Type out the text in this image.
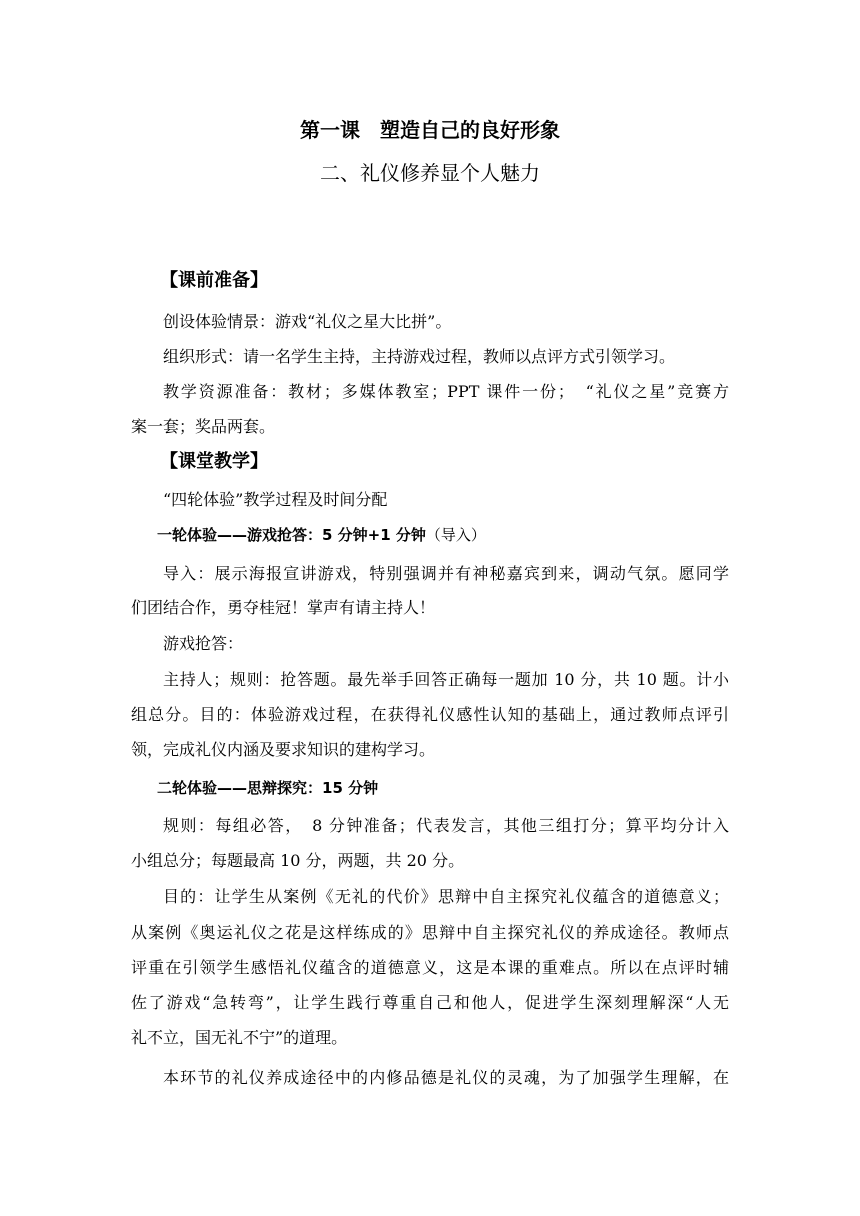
第一课　塑造自己的良好形象
二、礼仪修养显个人魅力
【课前准备】
创设体验情景：游戏“礼仪之星大比拼”。
组织形式：请一名学生主持，主持游戏过程，教师以点评方式引领学习。
教学资源准备：教材；多媒体教室；PPT 课件一份；　“礼仪之星”竞赛方
案一套；奖品两套。
【课堂教学】
“四轮体验”教学过程及时间分配
一轮体验——游戏抢答：5 分钟+1 分钟（导入）
导入：展示海报宣讲游戏，特别强调并有神秘嘉宾到来，调动气氛。愿同学
们团结合作，勇夺桂冠！掌声有请主持人！
游戏抢答：
主持人；规则：抢答题。最先举手回答正确每一题加 10 分，共 10 题。计小
组总分。目的：体验游戏过程，在获得礼仪感性认知的基础上，通过教师点评引
领，完成礼仪内涵及要求知识的建构学习。
二轮体验——思辩探究：15 分钟
规则：每组必答，　8 分钟准备；代表发言，其他三组打分；算平均分计入
小组总分；每题最高 10 分，两题，共 20 分。
目的：让学生从案例《无礼的代价》思辩中自主探究礼仪蕴含的道德意义；
从案例《奥运礼仪之花是这样练成的》思辩中自主探究礼仪的养成途径。教师点
评重在引领学生感悟礼仪蕴含的道德意义，这是本课的重难点。所以在点评时辅
佐了游戏“急转弯”，让学生践行尊重自己和他人，促进学生深刻理解深“人无
礼不立，国无礼不宁”的道理。
本环节的礼仪养成途径中的内修品德是礼仪的灵魂，为了加强学生理解，在
